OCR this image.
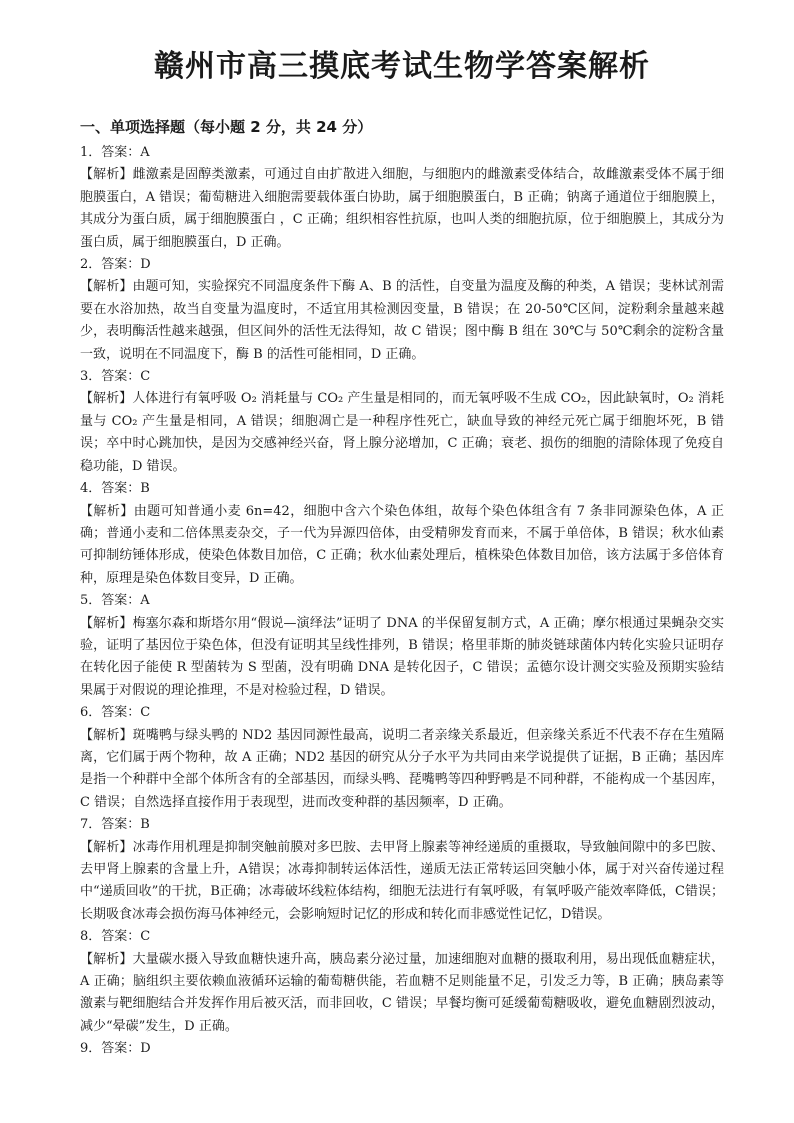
赣州市高三摸底考试生物学答案解析
一、单项选择题（每小题 2 分，共 24 分）

1．答案：A

【解析】雌激素是固醇类激素，可通过自由扩散进入细胞，与细胞内的雌激素受体结合，故雌激素受体不属于细胞膜蛋白，A 错误；葡萄糖进入细胞需要载体蛋白协助，属于细胞膜蛋白，B 正确；钠离子通道位于细胞膜上，其成分为蛋白质，属于细胞膜蛋白 ，C 正确；组织相容性抗原，也叫人类的细胞抗原，位于细胞膜上，其成分为蛋白质，属于细胞膜蛋白，D 正确。

2．答案：D

【解析】由题可知，实验探究不同温度条件下酶 A、B 的活性，自变量为温度及酶的种类，A 错误；斐林试剂需要在水浴加热，故当自变量为温度时，不适宜用其检测因变量，B 错误；在 20-50℃区间，淀粉剩余量越来越少，表明酶活性越来越强，但区间外的活性无法得知，故 C 错误；图中酶 B 组在 30℃与 50℃剩余的淀粉含量一致，说明在不同温度下，酶 B 的活性可能相同，D 正确。

3．答案：C

【解析】人体进行有氧呼吸 O₂ 消耗量与 CO₂ 产生量是相同的，而无氧呼吸不生成 CO₂，因此缺氧时，O₂ 消耗量与 CO₂ 产生量是相同，A 错误；细胞凋亡是一种程序性死亡，缺血导致的神经元死亡属于细胞坏死，B 错误；卒中时心跳加快，是因为交感神经兴奋，肾上腺分泌增加，C 正确；衰老、损伤的细胞的清除体现了免疫自稳功能，D 错误。

4．答案：B

【解析】由题可知普通小麦 6n=42，细胞中含六个染色体组，故每个染色体组含有 7 条非同源染色体，A 正确；普通小麦和二倍体黑麦杂交，子一代为异源四倍体，由受精卵发育而来，不属于单倍体，B 错误；秋水仙素可抑制纺锤体形成，使染色体数目加倍，C 正确；秋水仙素处理后，植株染色体数目加倍，该方法属于多倍体育种，原理是染色体数目变异，D 正确。

5．答案：A

【解析】梅塞尔森和斯塔尔用“假说—演绎法”证明了 DNA 的半保留复制方式，A 正确；摩尔根通过果蝇杂交实验，证明了基因位于染色体，但没有证明其呈线性排列，B 错误；格里菲斯的肺炎链球菌体内转化实验只证明存在转化因子能使 R 型菌转为 S 型菌，没有明确 DNA 是转化因子，C 错误；孟德尔设计测交实验及预期实验结果属于对假说的理论推理，不是对检验过程，D 错误。

6．答案：C

【解析】斑嘴鸭与绿头鸭的 ND2 基因同源性最高，说明二者亲缘关系最近，但亲缘关系近不代表不存在生殖隔离，它们属于两个物种，故 A 正确；ND2 基因的研究从分子水平为共同由来学说提供了证据，B 正确；基因库是指一个种群中全部个体所含有的全部基因，而绿头鸭、琵嘴鸭等四种野鸭是不同种群，不能构成一个基因库，C 错误；自然选择直接作用于表现型，进而改变种群的基因频率，D 正确。

7．答案：B

【解析】冰毒作用机理是抑制突触前膜对多巴胺、去甲肾上腺素等神经递质的重摄取，导致触间隙中的多巴胺、去甲肾上腺素的含量上升，A错误；冰毒抑制转运体活性，递质无法正常转运回突触小体，属于对兴奋传递过程中“递质回收”的干扰，B正确；冰毒破坏线粒体结构，细胞无法进行有氧呼吸，有氧呼吸产能效率降低，C错误；长期吸食冰毒会损伤海马体神经元，会影响短时记忆的形成和转化而非感觉性记忆，D错误。

8．答案：C

【解析】大量碳水摄入导致血糖快速升高，胰岛素分泌过量，加速细胞对血糖的摄取利用，易出现低血糖症状，A 正确；脑组织主要依赖血液循环运输的葡萄糖供能，若血糖不足则能量不足，引发乏力等，B 正确；胰岛素等激素与靶细胞结合并发挥作用后被灭活，而非回收，C 错误；早餐均衡可延缓葡萄糖吸收，避免血糖剧烈波动，减少“晕碳”发生，D 正确。

9．答案：D
